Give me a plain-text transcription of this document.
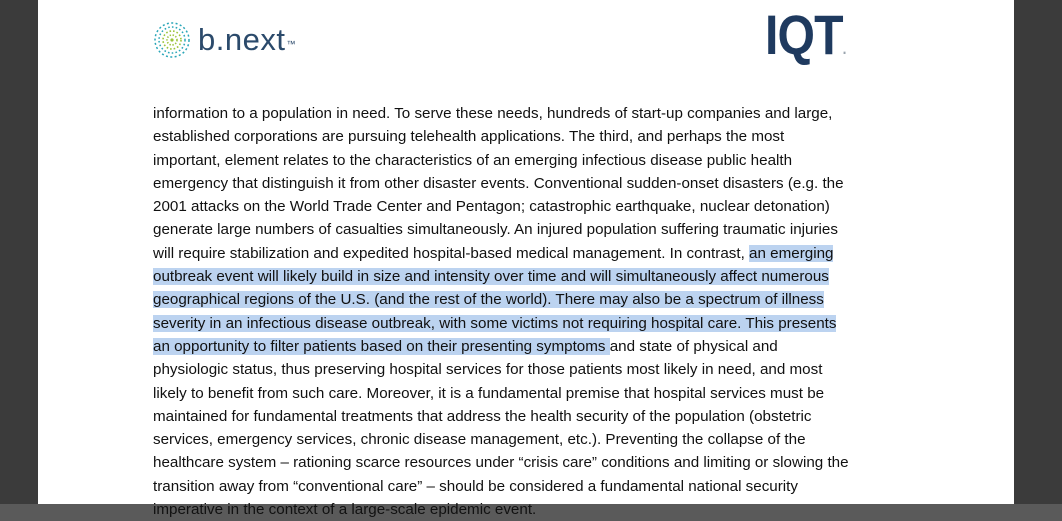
b.next ™	IQT.
information to a population in need. To serve these needs, hundreds of start-up companies and large,
established corporations are pursuing telehealth applications. The third, and perhaps the most
important, element relates to the characteristics of an emerging infectious disease public health
emergency that distinguish it from other disaster events. Conventional sudden-onset disasters (e.g. the
2001 attacks on the World Trade Center and Pentagon; catastrophic earthquake, nuclear detonation)
generate large numbers of casualties simultaneously. An injured population suffering traumatic injuries
will require stabilization and expedited hospital-based medical management. In contrast, an emerging
outbreak event will likely build in size and intensity over time and will simultaneously affect numerous
geographical regions of the U.S. (and the rest of the world). There may also be a spectrum of illness
severity in an infectious disease outbreak, with some victims not requiring hospital care. This presents
an opportunity to filter patients based on their presenting symptoms and state of physical and
physiologic status, thus preserving hospital services for those patients most likely in need, and most
likely to benefit from such care. Moreover, it is a fundamental premise that hospital services must be
maintained for fundamental treatments that address the health security of the population (obstetric
services, emergency services, chronic disease management, etc.). Preventing the collapse of the
healthcare system – rationing scarce resources under “crisis care” conditions and limiting or slowing the
transition away from “conventional care” – should be considered a fundamental national security
imperative in the context of a large-scale epidemic event.
